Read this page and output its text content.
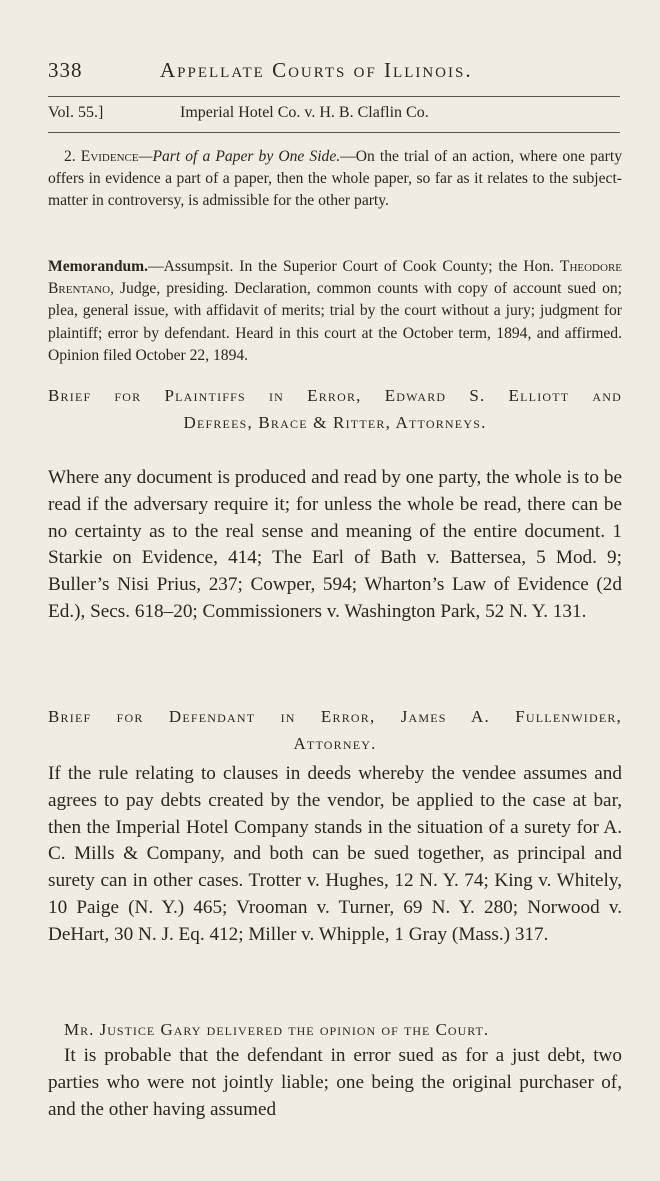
338	Appellate Courts of Illinois.
Vol. 55.]	Imperial Hotel Co. v. H. B. Claflin Co.

2. Evidence—Part of a Paper by One Side.—On the trial of an action, where one party offers in evidence a part of a paper, then the whole paper, so far as it relates to the subject-matter in controversy, is admissible for the other party.

Memorandum.—Assumpsit. In the Superior Court of Cook County; the Hon. Theodore Brentano, Judge, presiding. Declaration, common counts with copy of account sued on; plea, general issue, with affidavit of merits; trial by the court without a jury; judgment for plaintiff; error by defendant. Heard in this court at the October term, 1894, and affirmed. Opinion filed October 22, 1894.

Brief for Plaintiffs in Error, Edward S. Elliott and
Defrees, Brace & Ritter, Attorneys.

Where any document is produced and read by one party, the whole is to be read if the adversary require it; for unless the whole be read, there can be no certainty as to the real sense and meaning of the entire document. 1 Starkie on Evidence, 414; The Earl of Bath v. Battersea, 5 Mod. 9; Buller’s Nisi Prius, 237; Cowper, 594; Wharton’s Law of Evidence (2d Ed.), Secs. 618–20; Commissioners v. Washington Park, 52 N. Y. 131.

Brief for Defendant in Error, James A. Fullenwider,
Attorney.

If the rule relating to clauses in deeds whereby the vendee assumes and agrees to pay debts created by the vendor, be applied to the case at bar, then the Imperial Hotel Company stands in the situation of a surety for A. C. Mills & Company, and both can be sued together, as principal and surety can in other cases. Trotter v. Hughes, 12 N. Y. 74; King v. Whitely, 10 Paige (N. Y.) 465; Vrooman v. Turner, 69 N. Y. 280; Norwood v. DeHart, 30 N. J. Eq. 412; Miller v. Whipple, 1 Gray (Mass.) 317.

Mr. Justice Gary delivered the opinion of the Court.

It is probable that the defendant in error sued as for a just debt, two parties who were not jointly liable; one being the original purchaser of, and the other having assumed
